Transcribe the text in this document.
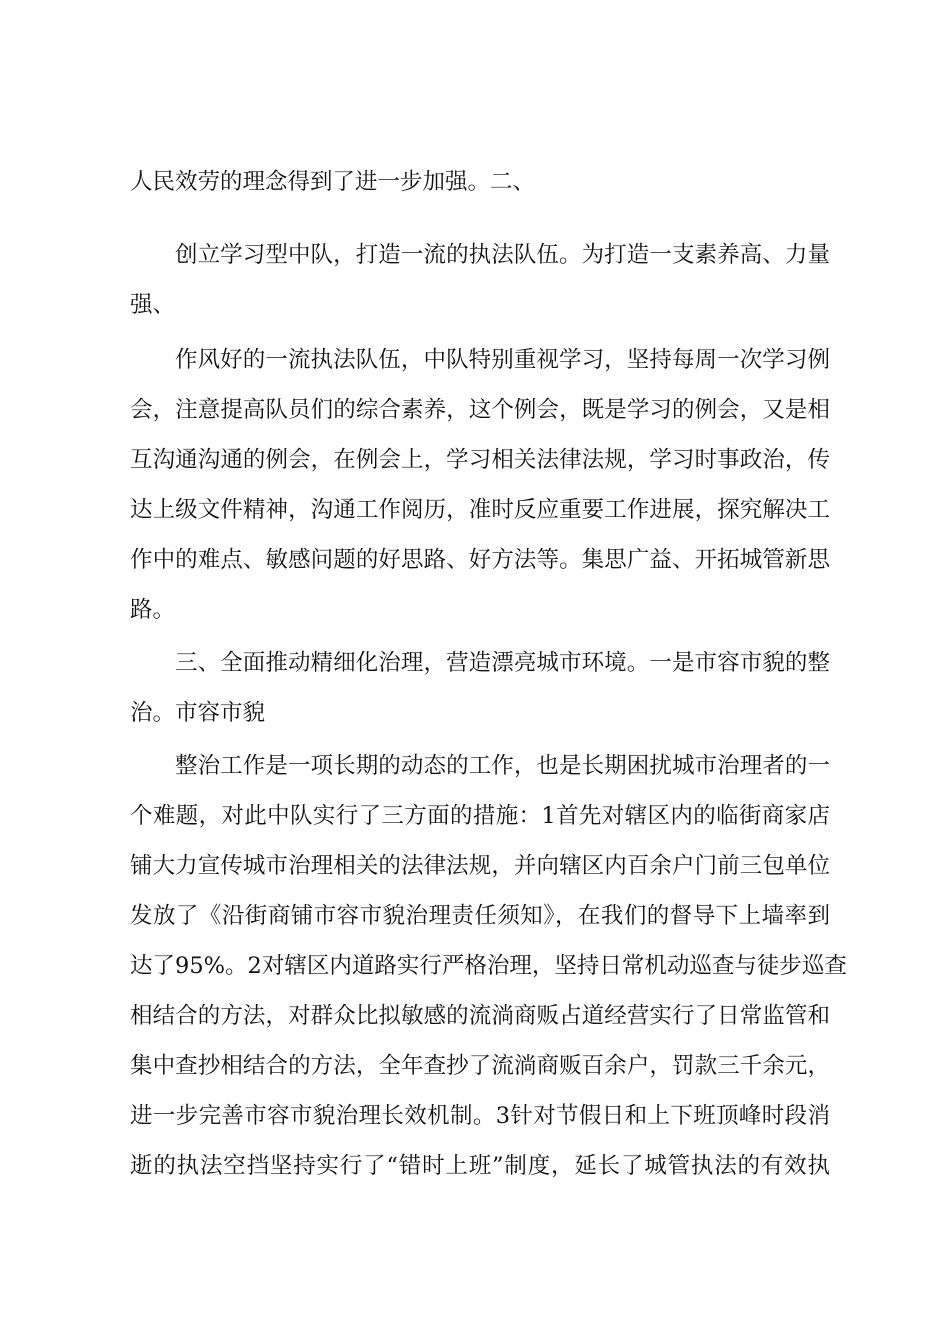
人民效劳的理念得到了进一步加强。二、
创立学习型中队，打造一流的执法队伍。为打造一支素养高、力量
强、
作风好的一流执法队伍，中队特别重视学习，坚持每周一次学习例
会，注意提高队员们的综合素养，这个例会，既是学习的例会，又是相
互沟通沟通的例会，在例会上，学习相关法律法规，学习时事政治，传
达上级文件精神，沟通工作阅历，准时反应重要工作进展，探究解决工
作中的难点、敏感问题的好思路、好方法等。集思广益、开拓城管新思
路。
三、全面推动精细化治理，营造漂亮城市环境。一是市容市貌的整
治。市容市貌
整治工作是一项长期的动态的工作，也是长期困扰城市治理者的一
个难题，对此中队实行了三方面的措施：1首先对辖区内的临街商家店
铺大力宣传城市治理相关的法律法规，并向辖区内百余户门前三包单位
发放了《沿街商铺市容市貌治理责任须知》，在我们的督导下上墙率到
达了95%。2对辖区内道路实行严格治理，坚持日常机动巡查与徒步巡查
相结合的方法，对群众比拟敏感的流淌商贩占道经营实行了日常监管和
集中查抄相结合的方法，全年查抄了流淌商贩百余户，罚款三千余元，
进一步完善市容市貌治理长效机制。3针对节假日和上下班顶峰时段消
逝的执法空挡坚持实行了“错时上班”制度，延长了城管执法的有效执
